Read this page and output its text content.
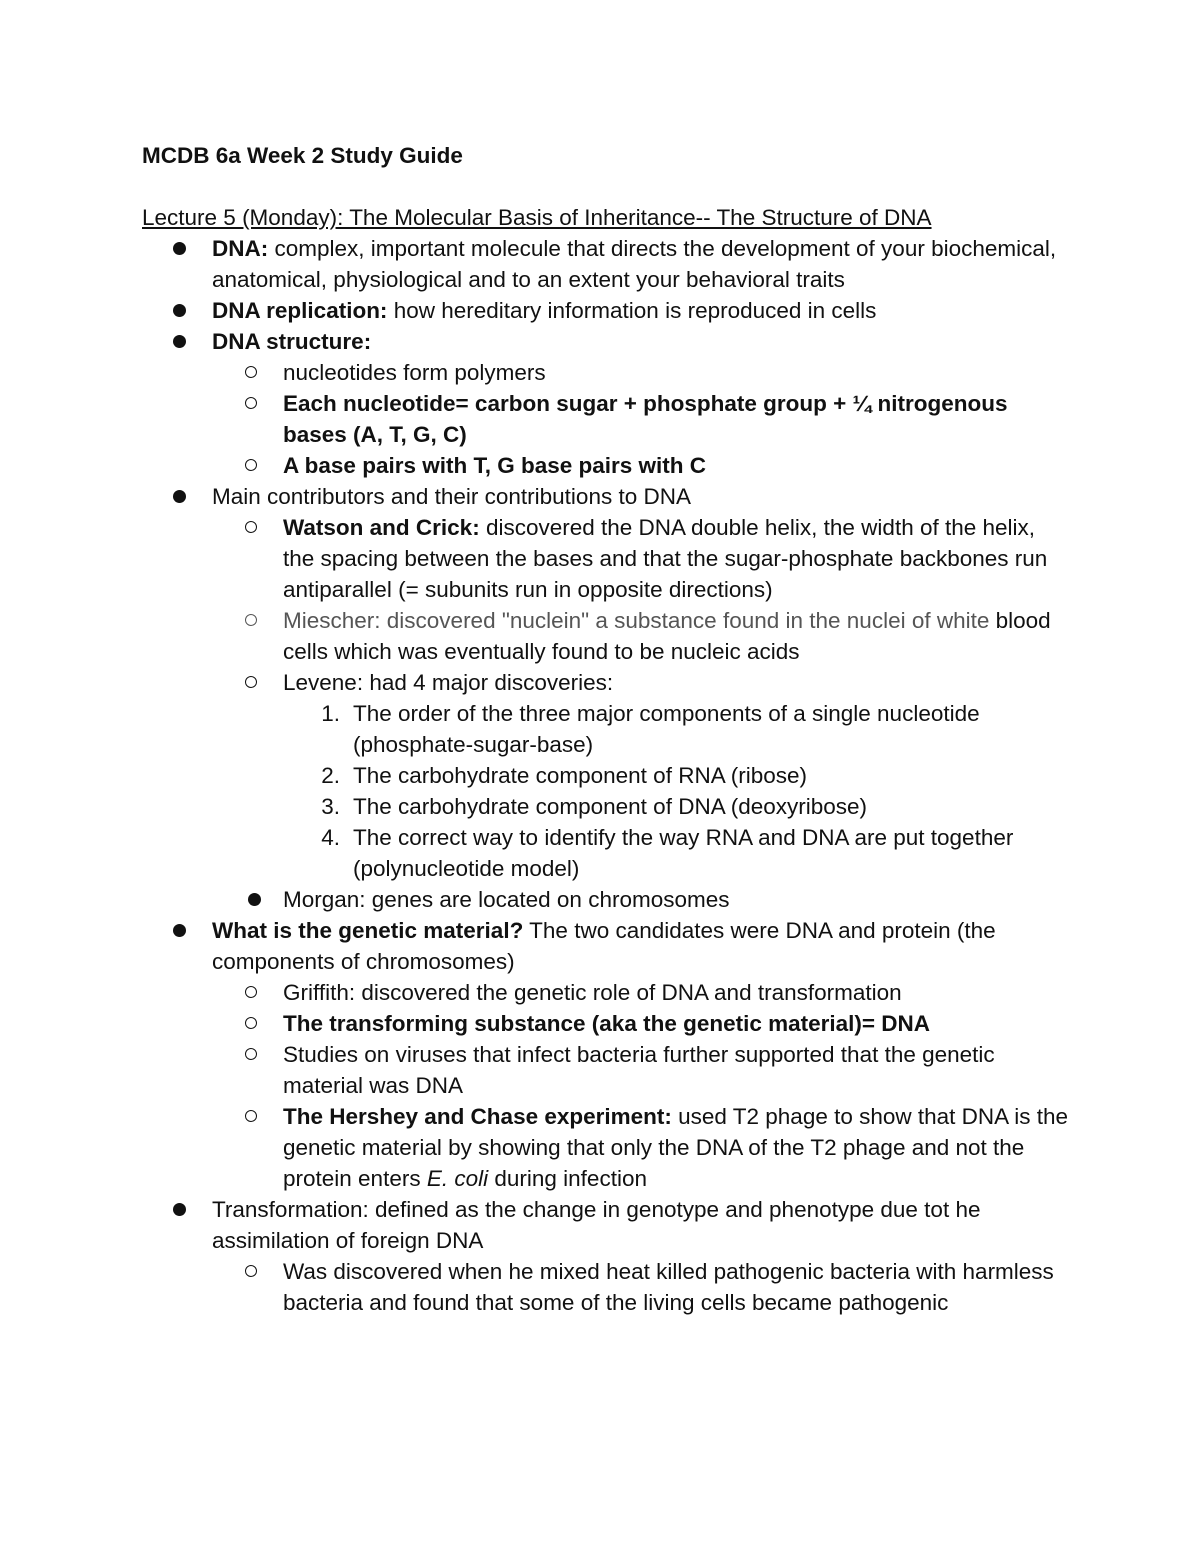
MCDB 6a Week 2 Study Guide
Lecture 5 (Monday): The Molecular Basis of Inheritance-- The Structure of DNA

DNA: complex, important molecule that directs the development of your biochemical, anatomical, physiological and to an extent your behavioral traits

DNA replication: how hereditary information is reproduced in cells

DNA structure:

nucleotides form polymers

Each nucleotide= carbon sugar + phosphate group + ¼ nitrogenous bases (A, T, G, C)

A base pairs with T, G base pairs with C

Main contributors and their contributions to DNA

Watson and Crick: discovered the DNA double helix, the width of the helix, the spacing between the bases and that the sugar-phosphate backbones run antiparallel (= subunits run in opposite directions)

Miescher: discovered "nuclein" a substance found in the nuclei of white blood cells which was eventually found to be nucleic acids

Levene: had 4 major discoveries:

1. The order of the three major components of a single nucleotide (phosphate-sugar-base)

2. The carbohydrate component of RNA (ribose)

3. The carbohydrate component of DNA (deoxyribose)

4. The correct way to identify the way RNA and DNA are put together (polynucleotide model)

Morgan: genes are located on chromosomes

What is the genetic material? The two candidates were DNA and protein (the components of chromosomes)

Griffith: discovered the genetic role of DNA and transformation

The transforming substance (aka the genetic material)= DNA

Studies on viruses that infect bacteria further supported that the genetic material was DNA

The Hershey and Chase experiment: used T2 phage to show that DNA is the genetic material by showing that only the DNA of the T2 phage and not the protein enters E. coli during infection

Transformation: defined as the change in genotype and phenotype due tot he assimilation of foreign DNA

Was discovered when he mixed heat killed pathogenic bacteria with harmless bacteria and found that some of the living cells became pathogenic
